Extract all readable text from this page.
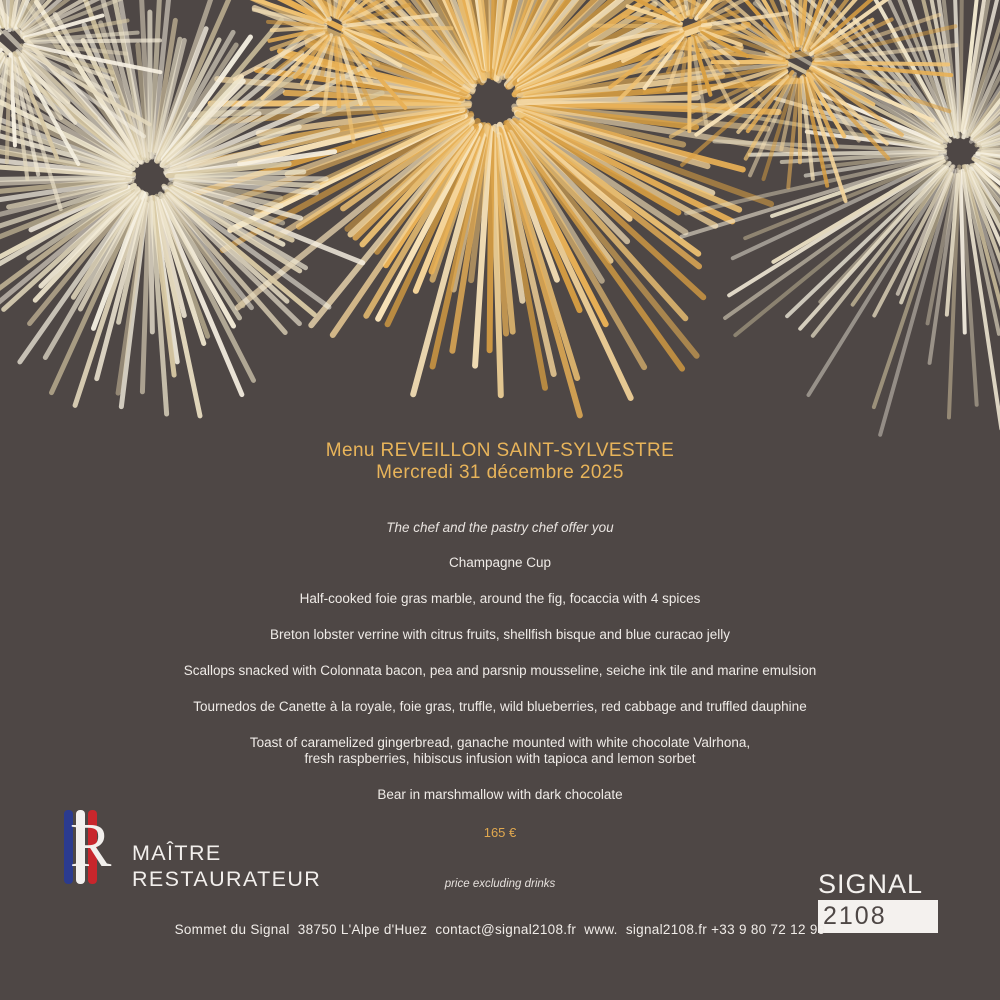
Menu REVEILLON SAINT-SYLVESTRE
Mercredi 31 décembre 2025
The chef and the pastry chef offer you
Champagne Cup
Half-cooked foie gras marble, around the fig, focaccia with 4 spices
Breton lobster verrine with citrus fruits, shellfish bisque and blue curacao jelly
Scallops snacked with Colonnata bacon, pea and parsnip mousseline, seiche ink tile and marine emulsion
Tournedos de Canette à la royale, foie gras, truffle, wild blueberries, red cabbage and truffled dauphine
Toast of caramelized gingerbread, ganache mounted with white chocolate Valrhona,
fresh raspberries, hibiscus infusion with tapioca and lemon sorbet
Bear in marshmallow with dark chocolate
165 €
price excluding drinks
R MAÎTRE
RESTAURATEUR	SIGNAL
2108
Sommet du Signal  38750 L'Alpe d'Huez contact@signal2108.fr www.  signal2108.fr +33 9 80 72 12 99
